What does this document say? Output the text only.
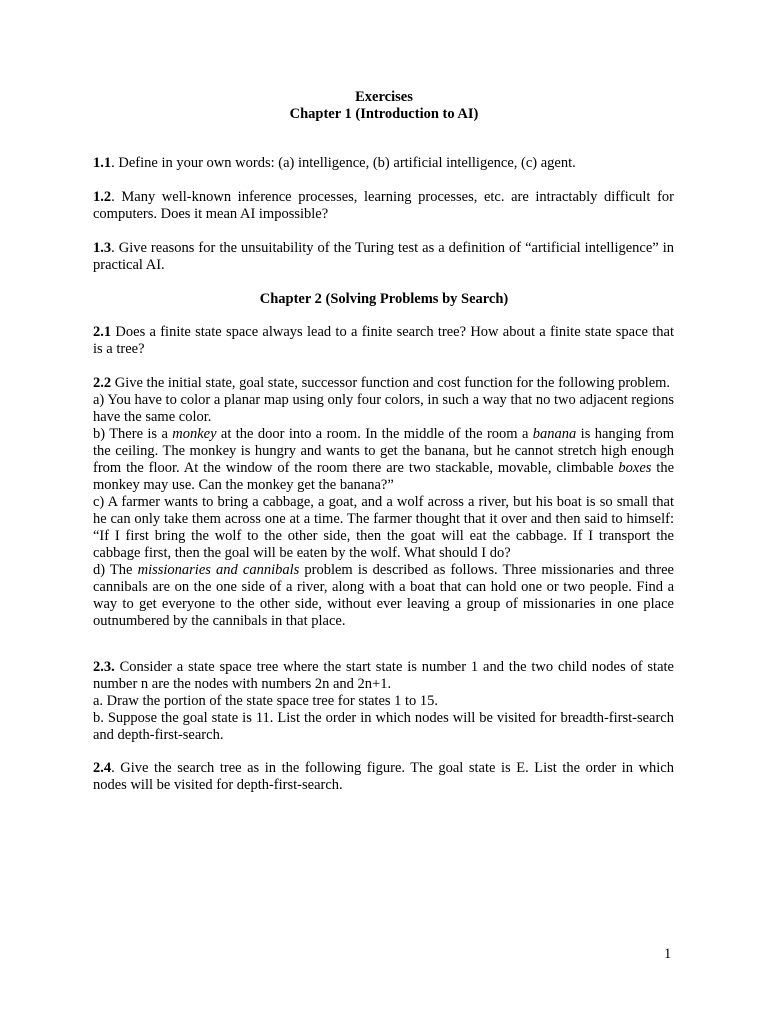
Exercises
Chapter 1 (Introduction to AI)

1.1. Define in your own words: (a) intelligence, (b) artificial intelligence, (c) agent.

1.2. Many well-known inference processes, learning processes, etc. are intractably difficult for computers. Does it mean AI impossible?

1.3. Give reasons for the unsuitability of the Turing test as a definition of “artificial intelligence” in practical AI.

Chapter 2 (Solving Problems by Search)

2.1 Does a finite state space always lead to a finite search tree? How about a finite state space that is a tree?

2.2 Give the initial state, goal state, successor function and cost function for the following problem.

a) You have to color a planar map using only four colors, in such a way that no two adjacent regions have the same color.

b) There is a monkey at the door into a room. In the middle of the room a banana is hanging from the ceiling. The monkey is hungry and wants to get the banana, but he cannot stretch high enough from the floor. At the window of the room there are two stackable, movable, climbable boxes the monkey may use. Can the monkey get the banana?”

c) A farmer wants to bring a cabbage, a goat, and a wolf across a river, but his boat is so small that he can only take them across one at a time. The farmer thought that it over and then said to himself: “If I first bring the wolf to the other side, then the goat will eat the cabbage. If I transport the cabbage first, then the goal will be eaten by the wolf. What should I do?

d) The missionaries and cannibals problem is described as follows. Three missionaries and three cannibals are on the one side of a river, along with a boat that can hold one or two people. Find a way to get everyone to the other side, without ever leaving a group of missionaries in one place outnumbered by the cannibals in that place.

2.3. Consider a state space tree where the start state is number 1 and the two child nodes of state number n are the nodes with numbers 2n and 2n+1.

a. Draw the portion of the state space tree for states 1 to 15.

b. Suppose the goal state is 11. List the order in which nodes will be visited for breadth-first-search and depth-first-search.

2.4. Give the search tree as in the following figure. The goal state is E. List the order in which nodes will be visited for depth-first-search.

1
